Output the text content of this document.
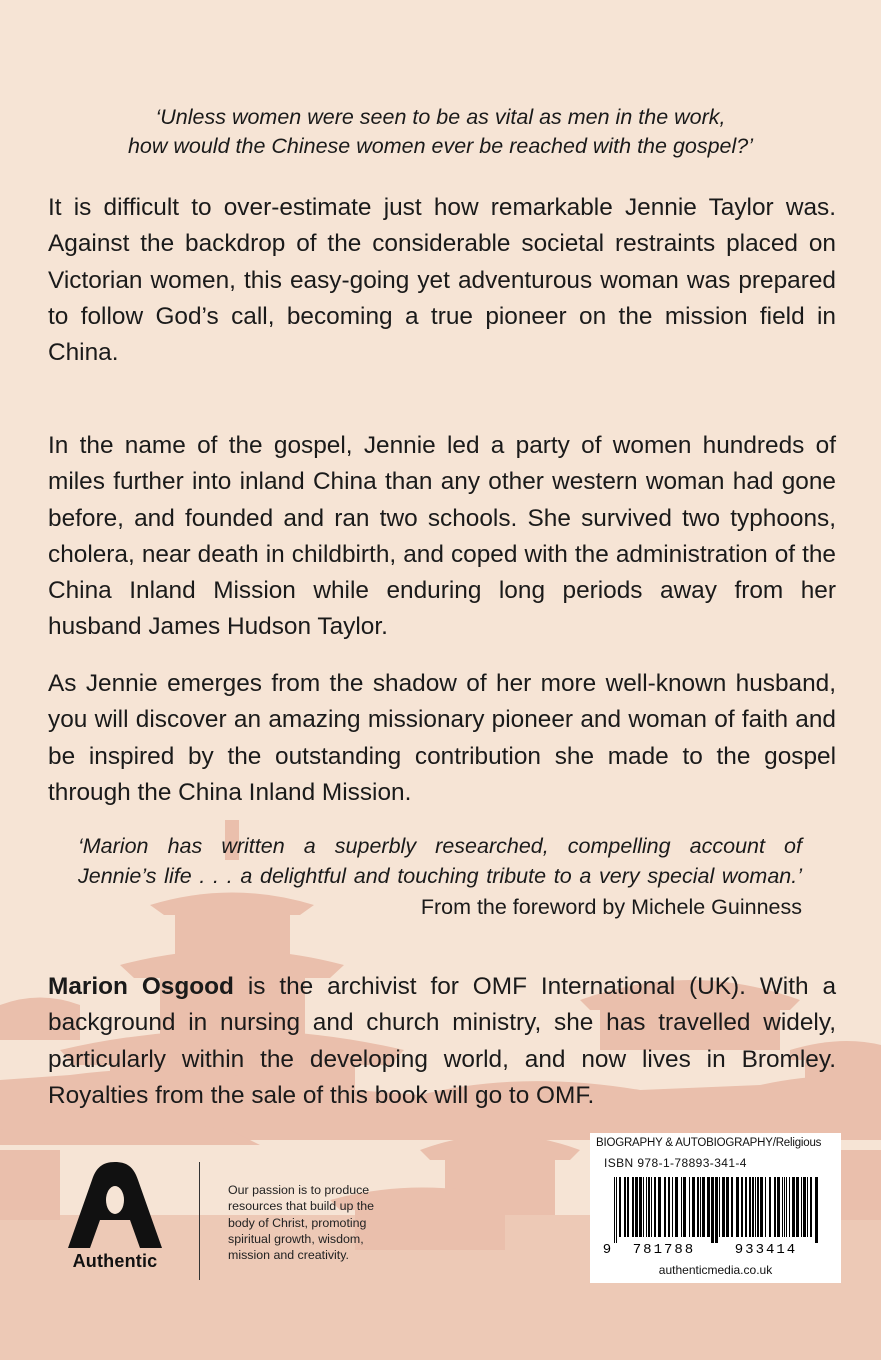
‘Unless women were seen to be as vital as men in the work,
how would the Chinese women ever be reached with the gospel?’

It is difficult to over-estimate just how remarkable Jennie Taylor was. Against the backdrop of the considerable societal restraints placed on Victorian women, this easy-going yet adventurous woman was prepared to follow God’s call, becoming a true pioneer on the mission field in China.

In the name of the gospel, Jennie led a party of women hundreds of miles further into inland China than any other western woman had gone before, and founded and ran two schools. She survived two typhoons, cholera, near death in childbirth, and coped with the administration of the China Inland Mission while enduring long periods away from her husband James Hudson Taylor.

As Jennie emerges from the shadow of her more well-known husband, you will discover an amazing missionary pioneer and woman of faith and be inspired by the outstanding contribution she made to the gospel through the China Inland Mission.

‘Marion has written a superbly researched, compelling account of
Jennie’s life . . . a delightful and touching tribute to a very special woman.’
From the foreword by Michele Guinness

Marion Osgood is the archivist for OMF International (UK). With a background in nursing and church ministry, she has travelled widely, particularly within the developing world, and now lives in Bromley. Royalties from the sale of this book will go to OMF.

Authentic
Our passion is to produce
resources that build up the
body of Christ, promoting
spiritual growth, wisdom,
mission and creativity.
BIOGRAPHY & AUTOBIOGRAPHY/Religious
ISBN 978-1-78893-341-4
9 781788	933414
authenticmedia.co.uk
